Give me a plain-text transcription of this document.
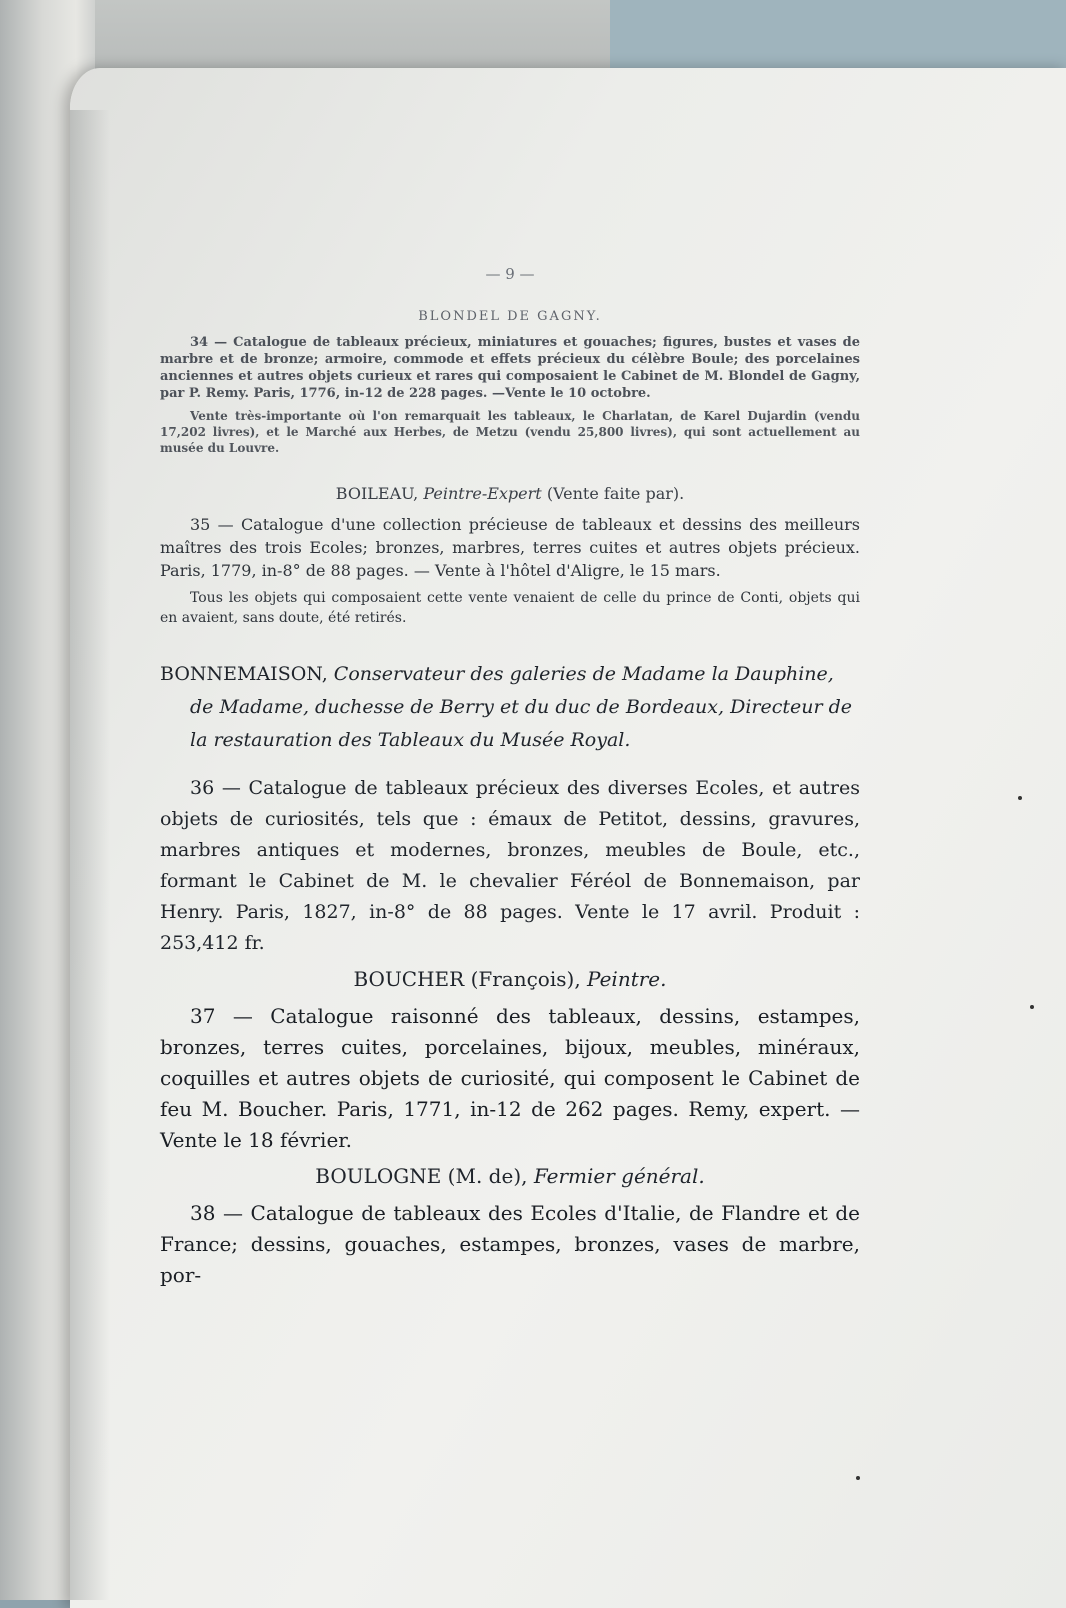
— 9 —
BLONDEL DE GAGNY.

34 — Catalogue de tableaux précieux, miniatures et gouaches; figures, bustes et vases de marbre et de bronze; armoire, commode et effets précieux du célèbre Boule; des porcelaines anciennes et autres objets curieux et rares qui composaient le Cabinet de M. Blondel de Gagny, par P. Remy. Paris, 1776, in-12 de 228 pages. —Vente le 10 octobre.

Vente très-importante où l'on remarquait les tableaux, le Charlatan, de Karel Dujardin (vendu 17,202 livres), et le Marché aux Herbes, de Metzu (vendu 25,800 livres), qui sont actuellement au musée du Louvre.

BOILEAU, Peintre-Expert (Vente faite par).

35 — Catalogue d'une collection précieuse de tableaux et dessins des meilleurs maîtres des trois Ecoles; bronzes, marbres, terres cuites et autres objets précieux. Paris, 1779, in-8° de 88 pages. — Vente à l'hôtel d'Aligre, le 15 mars.

Tous les objets qui composaient cette vente venaient de celle du prince de Conti, objets qui en avaient, sans doute, été retirés.

BONNEMAISON, Conservateur des galeries de Madame la Dauphine, de Madame, duchesse de Berry et du duc de Bordeaux, Directeur de la restauration des Tableaux du Musée Royal.

36 — Catalogue de tableaux précieux des diverses Ecoles, et autres objets de curiosités, tels que : émaux de Petitot, dessins, gravures, marbres antiques et modernes, bronzes, meubles de Boule, etc., formant le Cabinet de M. le chevalier Féréol de Bonnemaison, par Henry. Paris, 1827, in-8° de 88 pages. Vente le 17 avril. Produit : 253,412 fr.

BOUCHER (François), Peintre.

37 — Catalogue raisonné des tableaux, dessins, estampes, bronzes, terres cuites, porcelaines, bijoux, meubles, minéraux, coquilles et autres objets de curiosité, qui composent le Cabinet de feu M. Boucher. Paris, 1771, in-12 de 262 pages. Remy, expert. — Vente le 18 février.

BOULOGNE (M. de), Fermier général.

38 — Catalogue de tableaux des Ecoles d'Italie, de Flandre et de France; dessins, gouaches, estampes, bronzes, vases de marbre, por-
